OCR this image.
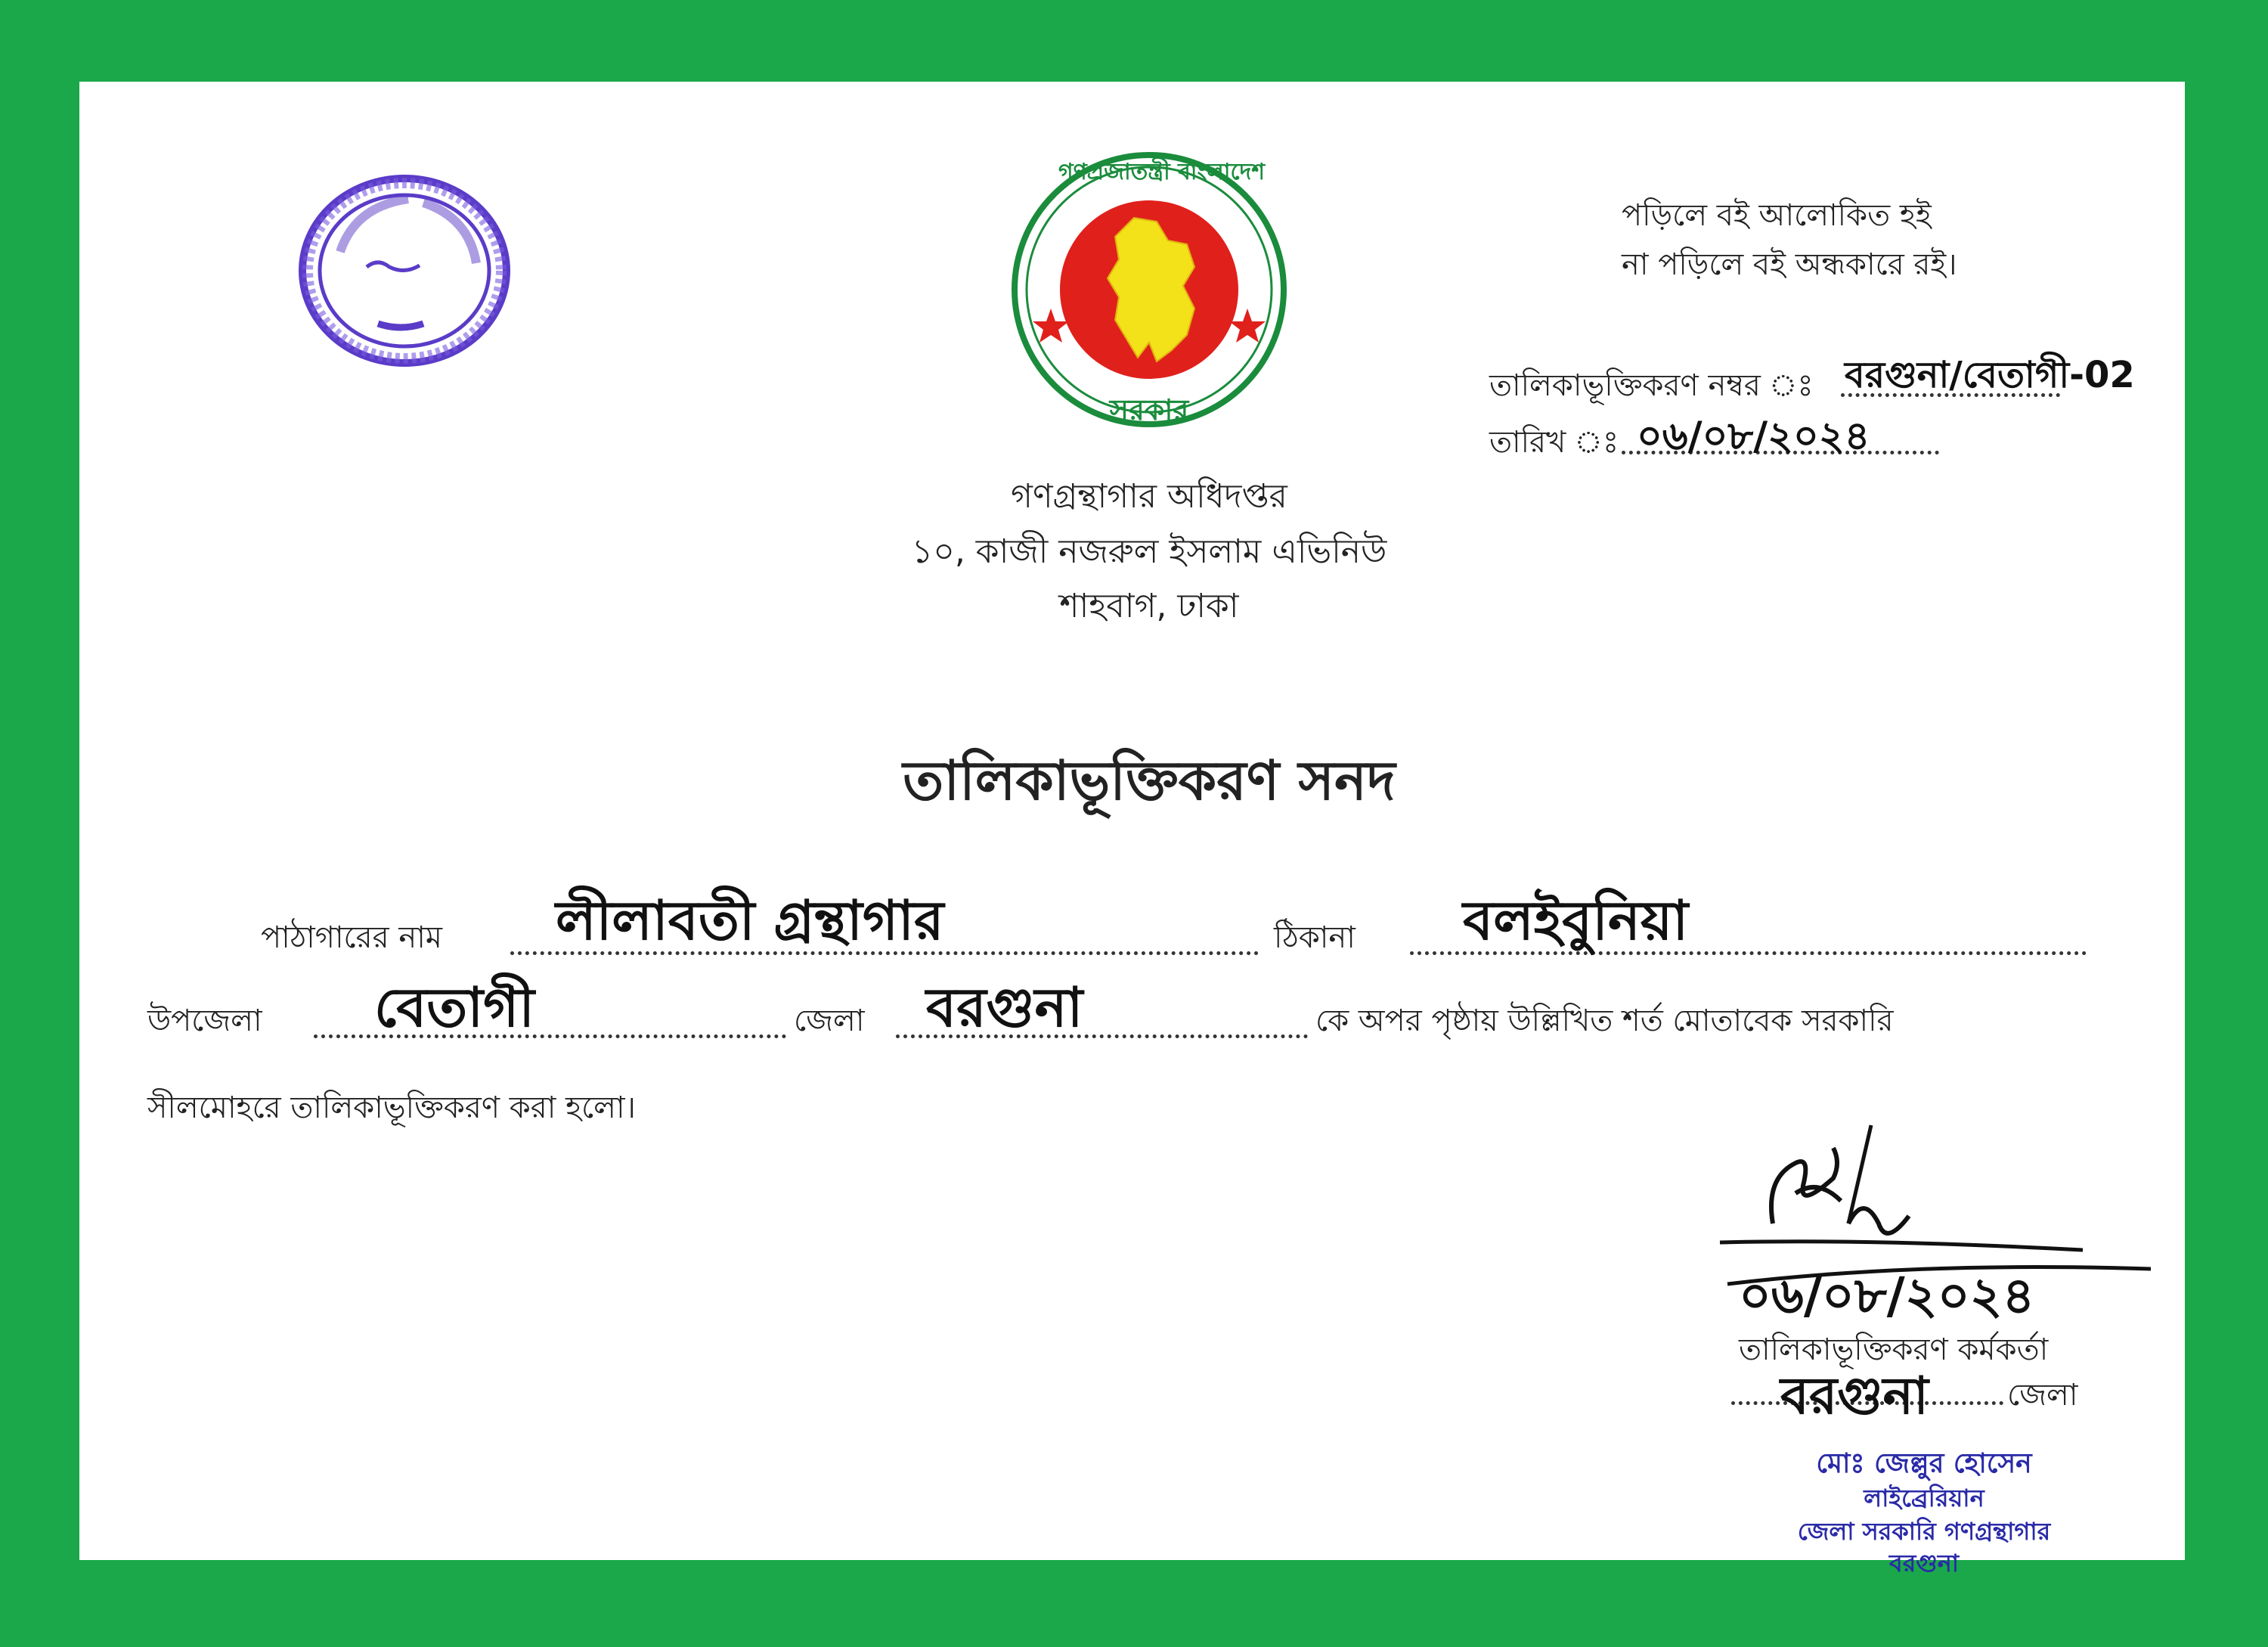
গণপ্রজাতন্ত্রী বাংলাদেশ
সরকার
পড়িলে বই আলোকিত হই
না পড়িলে বই অন্ধকারে রই।
তালিকাভূক্তিকরণ নম্বর ঃ বরগুনা/বেতাগী-02
তারিখ ঃ ০৬/০৮/২০২৪
গণগ্রন্থাগার অধিদপ্তর
১০, কাজী নজরুল ইসলাম এভিনিউ
শাহবাগ, ঢাকা
তালিকাভূক্তিকরণ সনদ
পাঠাগারের নাম লীলাবতী গ্রন্থাগার	ঠিকানা বলইবুনিয়া
উপজেলা বেতাগী	জেলা বরগুনা	কে অপর পৃষ্ঠায় উল্লিখিত শর্ত মোতাবেক সরকারি
সীলমোহরে তালিকাভূক্তিকরণ করা হলো।
০৬/০৮/২০২৪
তালিকাভূক্তিকরণ কর্মকর্তা
বরগুনা	জেলা
মোঃ জেল্লুর হোসেন
লাইব্রেরিয়ান
জেলা সরকারি গণগ্রন্থাগার
বরগুনা
